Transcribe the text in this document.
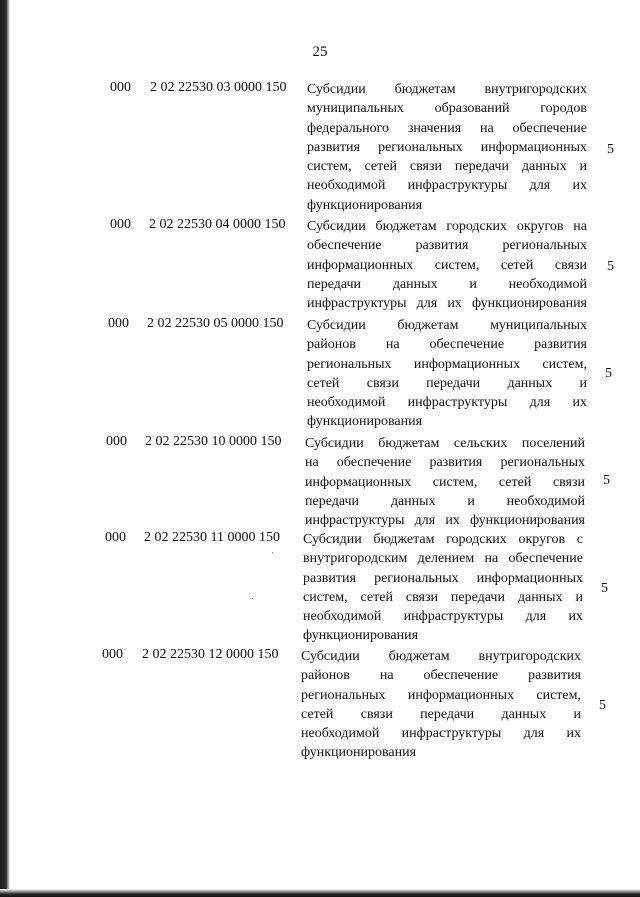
25
000 2 02 22530 03 0000 150 Субсидии бюджетам внутригородских
муниципальных образований городов
федерального значения на обеспечение
развития региональных информационных
систем, сетей связи передачи данных и
необходимой инфраструктуры для их
функционирования
5
000 2 02 22530 04 0000 150 Субсидии бюджетам городских округов на
обеспечение развития региональных
информационных систем, сетей связи
передачи данных и необходимой
инфраструктуры для их функционирования
5
000 2 02 22530 05 0000 150 Субсидии бюджетам муниципальных
районов на обеспечение развития
региональных информационных систем,
сетей связи передачи данных и
необходимой инфраструктуры для их
функционирования
5
000 2 02 22530 10 0000 150 Субсидии бюджетам сельских поселений
на обеспечение развития региональных
информационных систем, сетей связи
передачи данных и необходимой
инфраструктуры для их функционирования
5
000 2 02 22530 11 0000 150 Субсидии бюджетам городских округов с
внутригородским делением на обеспечение
развития региональных информационных
систем, сетей связи передачи данных и
необходимой инфраструктуры для их
функционирования
5
000 2 02 22530 12 0000 150 Субсидии бюджетам внутригородских
районов на обеспечение развития
региональных информационных систем,
сетей связи передачи данных и
необходимой инфраструктуры для их
функционирования
5
